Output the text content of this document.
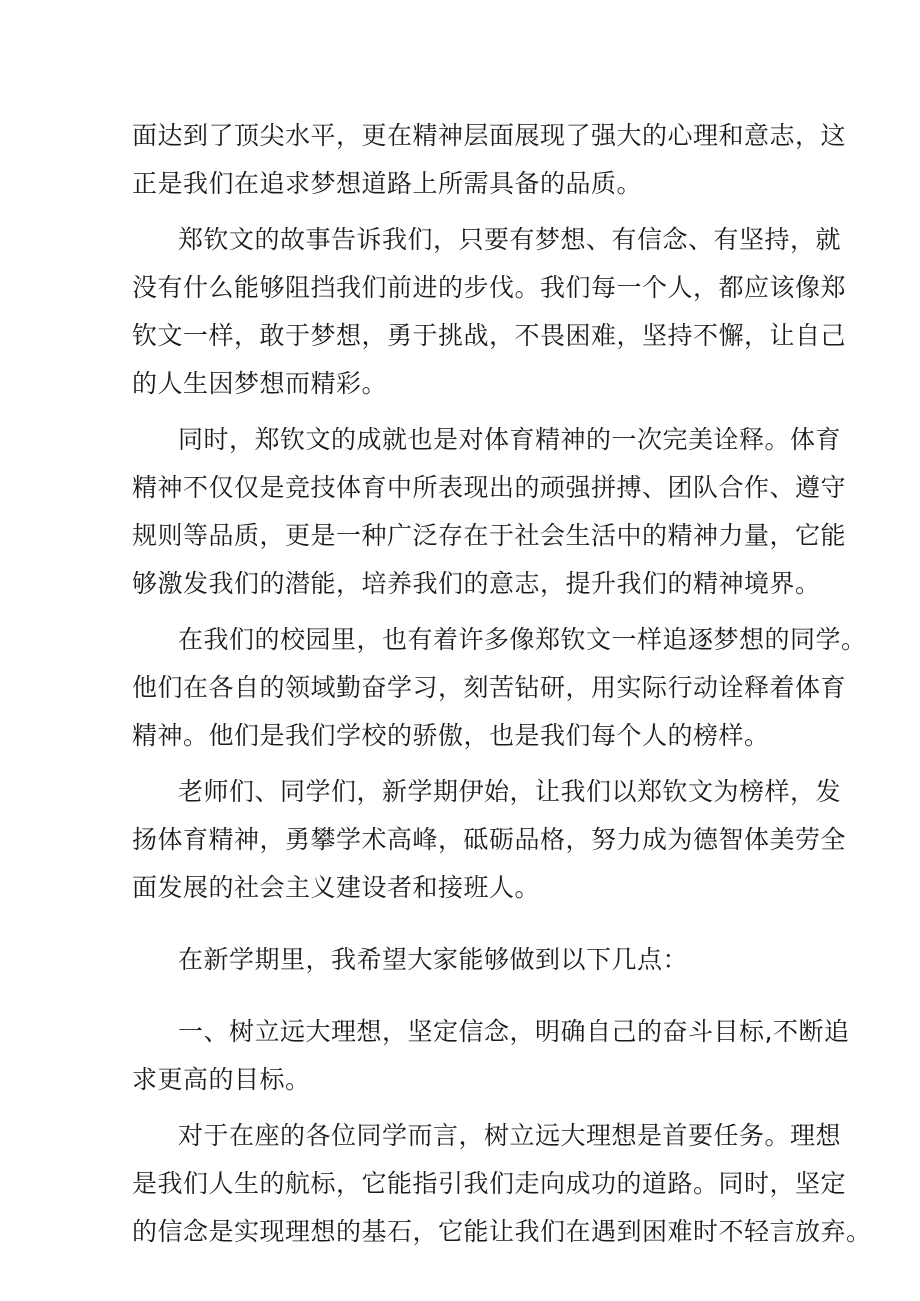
面达到了顶尖水平，更在精神层面展现了强大的心理和意志，这
正是我们在追求梦想道路上所需具备的品质。
郑钦文的故事告诉我们，只要有梦想、有信念、有坚持，就
没有什么能够阻挡我们前进的步伐。我们每一个人，都应该像郑
钦文一样，敢于梦想，勇于挑战，不畏困难，坚持不懈，让自己
的人生因梦想而精彩。
同时，郑钦文的成就也是对体育精神的一次完美诠释。体育
精神不仅仅是竞技体育中所表现出的顽强拼搏、团队合作、遵守
规则等品质，更是一种广泛存在于社会生活中的精神力量，它能
够激发我们的潜能，培养我们的意志，提升我们的精神境界。
在我们的校园里，也有着许多像郑钦文一样追逐梦想的同学。
他们在各自的领域勤奋学习，刻苦钻研，用实际行动诠释着体育
精神。他们是我们学校的骄傲，也是我们每个人的榜样。
老师们、同学们，新学期伊始，让我们以郑钦文为榜样，发
扬体育精神，勇攀学术高峰，砥砺品格，努力成为德智体美劳全
面发展的社会主义建设者和接班人。
在新学期里，我希望大家能够做到以下几点：
一、树立远大理想，坚定信念，明确自己的奋斗目标,不断追
求更高的目标。
对于在座的各位同学而言，树立远大理想是首要任务。理想
是我们人生的航标，它能指引我们走向成功的道路。同时，坚定
的信念是实现理想的基石，它能让我们在遇到困难时不轻言放弃。
